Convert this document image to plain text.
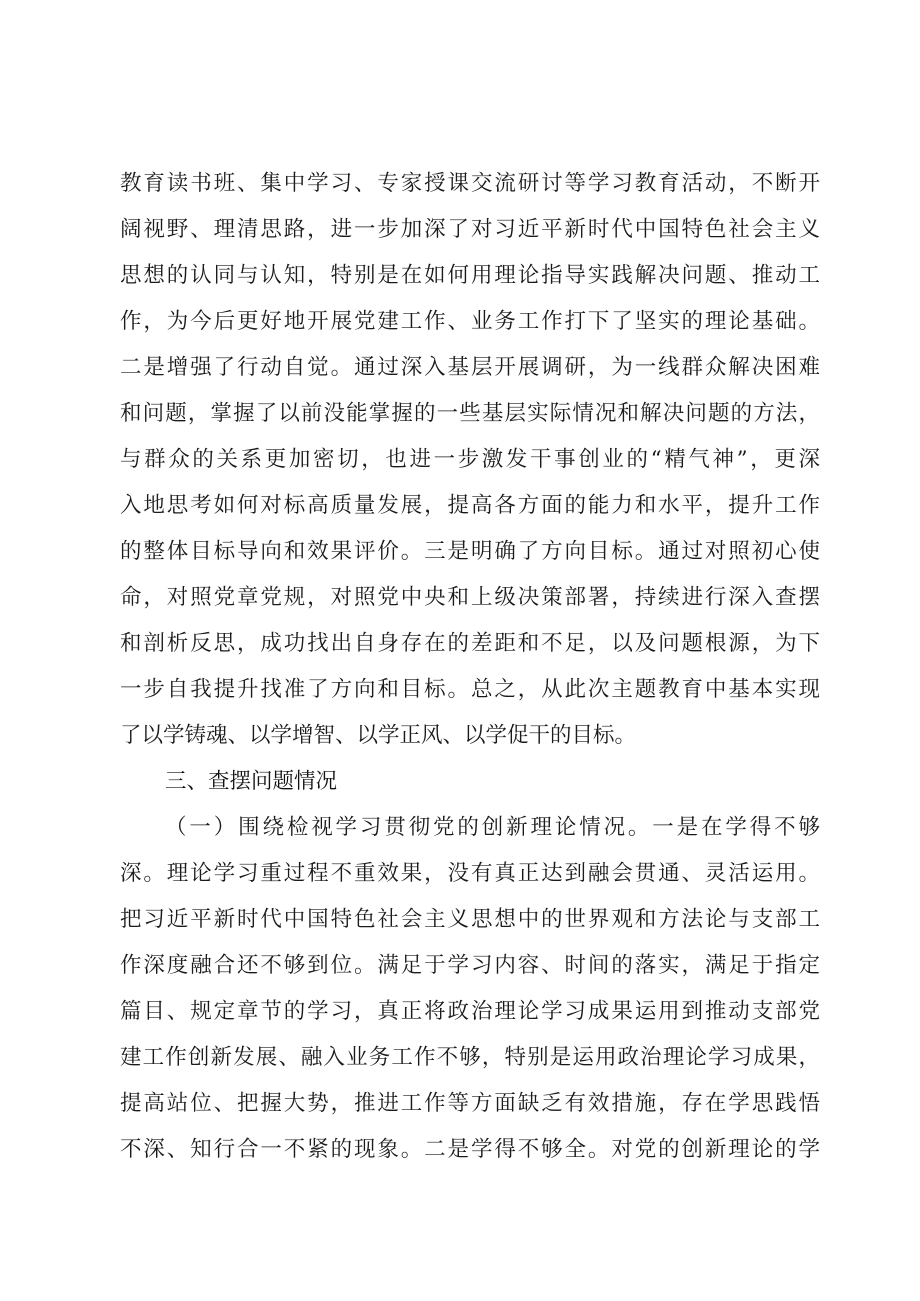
教育读书班、集中学习、专家授课交流研讨等学习教育活动，不断开
阔视野、理清思路，进一步加深了对习近平新时代中国特色社会主义
思想的认同与认知，特别是在如何用理论指导实践解决问题、推动工
作，为今后更好地开展党建工作、业务工作打下了坚实的理论基础。
二是增强了行动自觉。通过深入基层开展调研，为一线群众解决困难
和问题，掌握了以前没能掌握的一些基层实际情况和解决问题的方法，
与群众的关系更加密切，也进一步激发干事创业的“精气神”，更深
入地思考如何对标高质量发展，提高各方面的能力和水平，提升工作
的整体目标导向和效果评价。三是明确了方向目标。通过对照初心使
命，对照党章党规，对照党中央和上级决策部署，持续进行深入查摆
和剖析反思，成功找出自身存在的差距和不足，以及问题根源，为下
一步自我提升找准了方向和目标。总之，从此次主题教育中基本实现
了以学铸魂、以学增智、以学正风、以学促干的目标。
三、查摆问题情况
（一）围绕检视学习贯彻党的创新理论情况。一是在学得不够
深。理论学习重过程不重效果，没有真正达到融会贯通、灵活运用。
把习近平新时代中国特色社会主义思想中的世界观和方法论与支部工
作深度融合还不够到位。满足于学习内容、时间的落实，满足于指定
篇目、规定章节的学习，真正将政治理论学习成果运用到推动支部党
建工作创新发展、融入业务工作不够，特别是运用政治理论学习成果，
提高站位、把握大势，推进工作等方面缺乏有效措施，存在学思践悟
不深、知行合一不紧的现象。二是学得不够全。对党的创新理论的学
